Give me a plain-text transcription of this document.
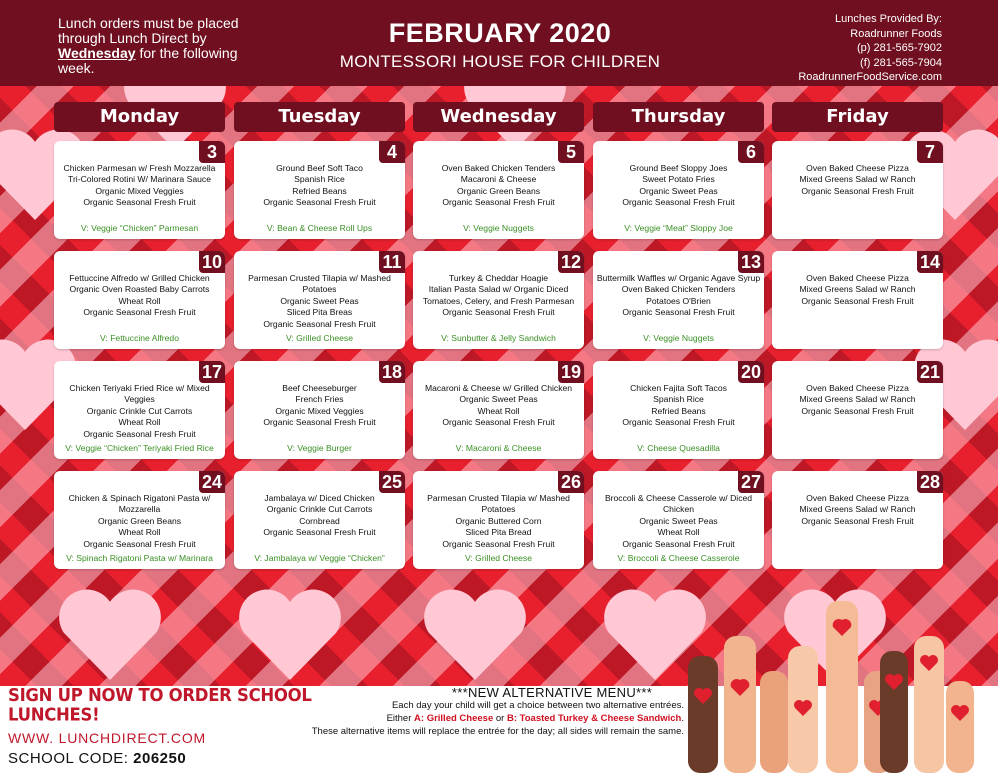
Lunch orders must be placed through Lunch Direct by Wednesday for the following week.
FEBRUARY 2020
MONTESSORI HOUSE FOR CHILDREN
Lunches Provided By:
Roadrunner Foods
(p) 281-565-7902
(f) 281-565-7904
RoadrunnerFoodService.com
Monday	Tuesday	Wednesday	Thursday	Friday
3
Chicken Parmesan w/ Fresh Mozzarella
Tri-Colored Rotini W/ Marinara Sauce
Organic Mixed Veggies
Organic Seasonal Fresh Fruit
V: Veggie “Chicken” Parmesan
4
Ground Beef Soft Taco
Spanish Rice
Refried Beans
Organic Seasonal Fresh Fruit
V: Bean & Cheese Roll Ups
5
Oven Baked Chicken Tenders
Macaroni & Cheese
Organic Green Beans
Organic Seasonal Fresh Fruit
V: Veggie Nuggets
6
Ground Beef Sloppy Joes
Sweet Potato Fries
Organic Sweet Peas
Organic Seasonal Fresh Fruit
V: Veggie “Meat” Sloppy Joe
7
Oven Baked Cheese Pizza
Mixed Greens Salad w/ Ranch
Organic Seasonal Fresh Fruit
10
Fettuccine Alfredo w/ Grilled Chicken
Organic Oven Roasted Baby Carrots
Wheat Roll
Organic Seasonal Fresh Fruit
V: Fettuccine Alfredo
11
Parmesan Crusted Tilapia w/ Mashed Potatoes
Organic Sweet Peas
Sliced Pita Breas
Organic Seasonal Fresh Fruit
V: Grilled Cheese
12
Turkey & Cheddar Hoagie
Italian Pasta Salad w/ Organic Diced Tomatoes, Celery, and Fresh Parmesan
Organic Seasonal Fresh Fruit
V: Sunbutter & Jelly Sandwich
13
Buttermilk Waffles w/ Organic Agave Syrup
Oven Baked Chicken Tenders
Potatoes O'Brien
Organic Seasonal Fresh Fruit
V: Veggie Nuggets
14
Oven Baked Cheese Pizza
Mixed Greens Salad w/ Ranch
Organic Seasonal Fresh Fruit
17
Chicken Teriyaki Fried Rice w/ Mixed Veggies
Organic Crinkle Cut Carrots
Wheat Roll
Organic Seasonal Fresh Fruit
V: Veggie “Chicken” Teriyaki Fried Rice
18
Beef Cheeseburger
French Fries
Organic Mixed Veggies
Organic Seasonal Fresh Fruit
V: Veggie Burger
19
Macaroni & Cheese w/ Grilled Chicken
Organic Sweet Peas
Wheat Roll
Organic Seasonal Fresh Fruit
V: Macaroni & Cheese
20
Chicken Fajita Soft Tacos
Spanish Rice
Refried Beans
Organic Seasonal Fresh Fruit
V: Cheese Quesadilla
21
Oven Baked Cheese Pizza
Mixed Greens Salad w/ Ranch
Organic Seasonal Fresh Fruit
24
Chicken & Spinach Rigatoni Pasta w/ Mozzarella
Organic Green Beans
Wheat Roll
Organic Seasonal Fresh Fruit
V: Spinach Rigatoni Pasta w/ Marinara
25
Jambalaya w/ Diced Chicken
Organic Crinkle Cut Carrots
Cornbread
Organic Seasonal Fresh Fruit
V: Jambalaya w/ Veggie “Chicken”
26
Parmesan Crusted Tilapia w/ Mashed Potatoes
Organic Buttered Corn
Sliced Pita Bread
Organic Seasonal Fresh Fruit
V: Grilled Cheese
27
Broccoli & Cheese Casserole w/ Diced Chicken
Organic Sweet Peas
Wheat Roll
Organic Seasonal Fresh Fruit
V: Broccoli & Cheese Casserole
28
Oven Baked Cheese Pizza
Mixed Greens Salad w/ Ranch
Organic Seasonal Fresh Fruit
SIGN UP NOW TO ORDER SCHOOL LUNCHES!
WWW. LUNCHDIRECT.COM
SCHOOL CODE: 206250
***NEW ALTERNATIVE MENU***
Each day your child will get a choice between two alternative entrées.
Either A: Grilled Cheese or B: Toasted Turkey & Cheese Sandwich.
These alternative items will replace the entrée for the day; all sides will remain the same.
